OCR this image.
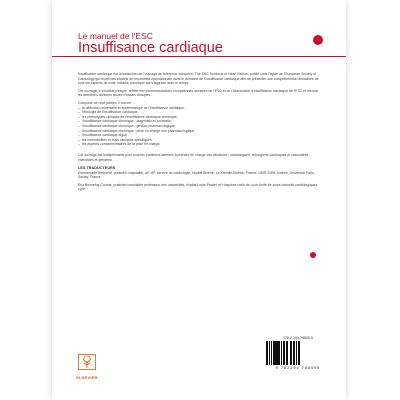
Le manuel de l'ESC
Insuffisance cardiaque

Insuffisance cardiaque est la traduction de l'ouvrage de référence européen, The ESC Textbook of Heart Failure, publié sous l'égide de l'European Society of Cardiology qui réunit des experts de renommée internationale dans le domaine de l'insuffisance cardiaque afin de présenter une compréhension actualisée de tous les aspects de cette maladie chronique qui s'aggrave avec le temps.

Cet ouvrage, à vocation clinique, reflète les recommandations européennes actuelles de l'ESC et de l'Association d'insuffisance cardiaque de l'ESC et résume les dernières données issues d'essais cliniques.

Composé de neuf parties, il couvre :

– la définition universelle et épidémiologie de l'insuffisance cardiaque,
– l'étiologie de l'insuffisance cardiaque,
– les phénotypes cliniques de l'insuffisance cardiaque chronique,
– l'insuffisance cardiaque chronique : diagnostic et pronostic,
– l'insuffisance cardiaque chronique : gestion pharmacologique,
– l'insuffisance cardiaque chronique : prise en charge non pharmacologique,
– l'insuffisance cardiaque aiguë,
– les comorbidités et états cliniques spécifiques,
– les aspects complémentaires de la prise en charge.

Cet ouvrage est indispensable pour tous les praticiens amenés à prendre en charge ces situations : cardiologues, chirurgiens cardiaques et vasculaires, internistes et gériatres.

LES TRADUCTEURS

Emmanuelle Berthelot, praticien hospitalier, AP-HP, service de cardiologie, hôpital Bicêtre, Le Kremlin-Bicêtre, France, UMR S999, Inserm, Université Paris-Saclay, France

Éric Bonnefoy-Cudraz, praticien hospitalier professeur des universités, hôpital Louis-Pradel, et Hospices civils de Lyon Unité de soins intensifs cardiologiques, Lyon

ELSEVIER
978-2-294-78809-5
9 782294 788095
